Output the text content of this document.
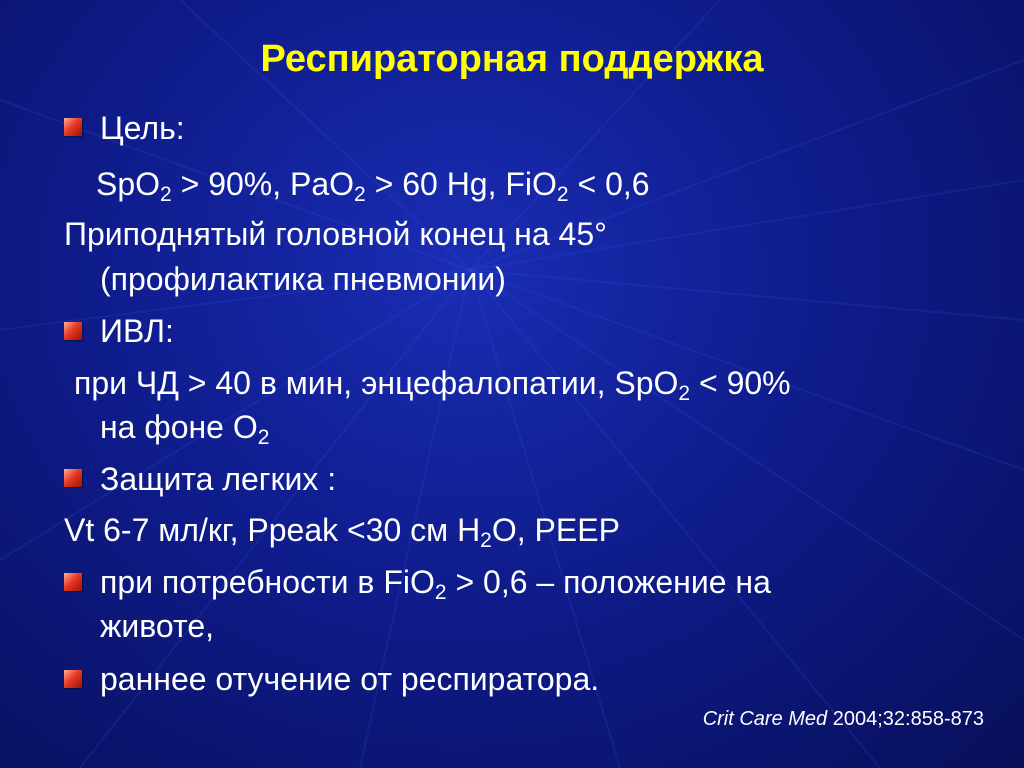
Респираторная поддержка
Цель:
SpO$_2$ > 90%, PaO$_2$ > 60 Hg, FiO$_2$ < 0,6
Приподнятый головной конец на 45°
(профилактика пневмонии)
ИВЛ:
при ЧД > 40 в мин, энцефалопатии, SpO$_2$ < 90%
на фоне $О_2$
Защита легких :
Vt 6-7 мл/кг, Ppeak <30 см $H_2O$, PEEP
при потребности в FiO$_2$ > 0,6 – положение на
животе,
раннее отучение от респиратора.
Crit Care Med 2004;32:858-873
